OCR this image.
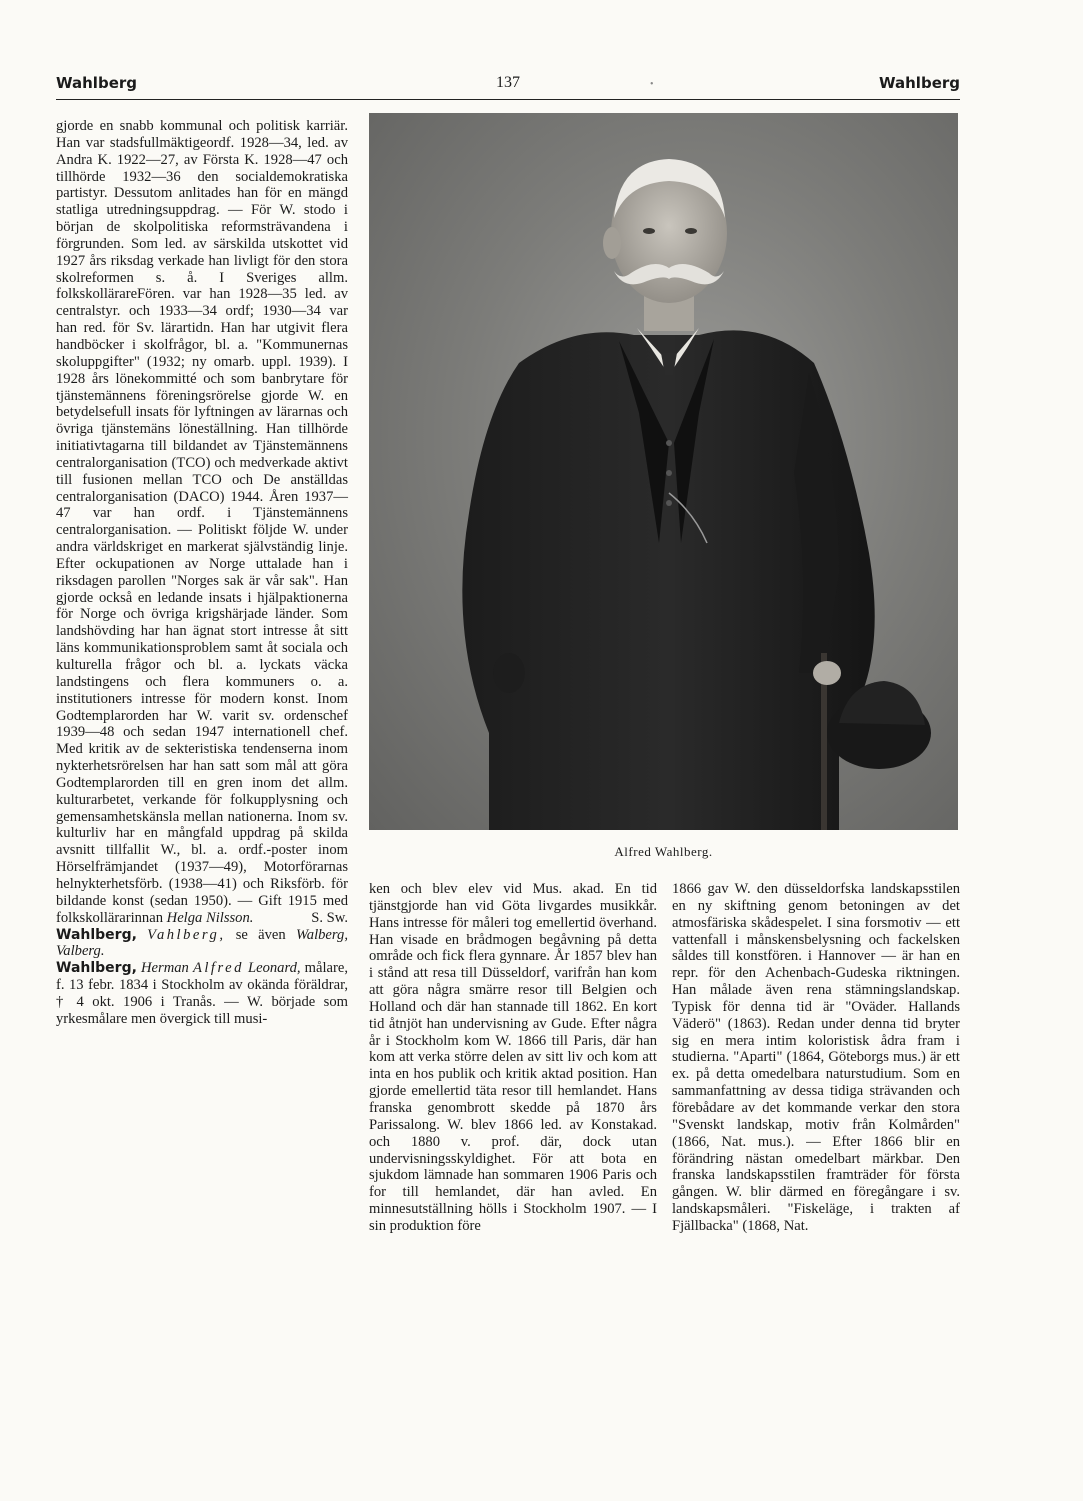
Wahlberg	137	Wahlberg
•

gjorde en snabb kommunal och politisk karriär. Han var stadsfullmäktigeordf. 1928—34, led. av Andra K. 1922—27, av Första K. 1928—47 och tillhörde 1932—36 den socialdemokratiska partistyr. Dessutom anlitades han för en mängd statliga utredningsuppdrag. — För W. stodo i början de skolpolitiska reformsträvandena i förgrunden. Som led. av särskilda utskottet vid 1927 års riksdag verkade han livligt för den stora skolreformen s. å. I Sveriges allm. folkskollärareFören. var han 1928—35 led. av centralstyr. och 1933—34 ordf; 1930—34 var han red. för Sv. lärartidn. Han har utgivit flera handböcker i skolfrågor, bl. a. "Kommunernas skoluppgifter" (1932; ny omarb. uppl. 1939). I 1928 års lönekommitté och som banbrytare för tjänstemännens föreningsrörelse gjorde W. en betydelsefull insats för lyftningen av lärarnas och övriga tjänstemäns löneställning. Han tillhörde initiativtagarna till bildandet av Tjänstemännens centralorganisation (TCO) och medverkade aktivt till fusionen mellan TCO och De anställdas centralorganisation (DACO) 1944. Åren 1937—47 var han ordf. i Tjänstemännens centralorganisation. — Politiskt följde W. under andra världskriget en markerat självständig linje. Efter ockupationen av Norge uttalade han i riksdagen parollen "Norges sak är vår sak". Han gjorde också en ledande insats i hjälpaktionerna för Norge och övriga krigshärjade länder. Som landshövding har han ägnat stort intresse åt sitt läns kommunikationsproblem samt åt sociala och kulturella frågor och bl. a. lyckats väcka landstingens och flera kommuners o. a. institutioners intresse för modern konst. Inom Godtemplarorden har W. varit sv. ordenschef 1939—48 och sedan 1947 internationell chef. Med kritik av de sekteristiska tendenserna inom nykterhetsrörelsen har han satt som mål att göra Godtemplarorden till en gren inom det allm. kulturarbetet, verkande för folkupplysning och gemensamhetskänsla mellan nationerna. Inom sv. kulturliv har en mångfald uppdrag på skilda avsnitt tillfallit W., bl. a. ordf.-poster inom Hörselfrämjandet (1937—49), Motorförarnas helnykterhetsförb. (1938—41) och Riksförb. för bildande konst (sedan 1950). — Gift 1915 med folkskollärarinnan Helga Nilsson.	S. Sw.

Wahlberg, Vahlberg, se även Walberg, Valberg.

Wahlberg, Herman Alfred Leonard, målare, f. 13 febr. 1834 i Stockholm av okända föräldrar, † 4 okt. 1906 i Tranås. — W. började som yrkesmålare men övergick till musi-

Alfred Wahlberg.

ken och blev elev vid Mus. akad. En tid tjänstgjorde han vid Göta livgardes musikkår. Hans intresse för måleri tog emellertid överhand. Han visade en brådmogen begåvning på detta område och fick flera gynnare. År 1857 blev han i stånd att resa till Düsseldorf, varifrån han kom att göra några smärre resor till Belgien och Holland och där han stannade till 1862. En kort tid åtnjöt han undervisning av Gude. Efter några år i Stockholm kom W. 1866 till Paris, där han kom att verka större delen av sitt liv och kom att inta en hos publik och kritik aktad position. Han gjorde emellertid täta resor till hemlandet. Hans franska genombrott skedde på 1870 års Parissalong. W. blev 1866 led. av Konstakad. och 1880 v. prof. där, dock utan undervisningsskyldighet. För att bota en sjukdom lämnade han sommaren 1906 Paris och for till hemlandet, där han avled. En minnesutställning hölls i Stockholm 1907. — I sin produktion före

1866 gav W. den düsseldorfska landskapsstilen en ny skiftning genom betoningen av det atmosfäriska skådespelet. I sina forsmotiv — ett vattenfall i månskensbelysning och fackelsken såldes till konstfören. i Hannover — är han en repr. för den Achenbach-Gudeska riktningen. Han målade även rena stämningslandskap. Typisk för denna tid är "Oväder. Hallands Väderö" (1863). Redan under denna tid bryter sig en mera intim koloristisk ådra fram i studierna. "Aparti" (1864, Göteborgs mus.) är ett ex. på detta omedelbara naturstudium. Som en sammanfattning av dessa tidiga strävanden och förebådare av det kommande verkar den stora "Svenskt landskap, motiv från Kolmården" (1866, Nat. mus.). — Efter 1866 blir en förändring nästan omedelbart märkbar. Den franska landskapsstilen framträder för första gången. W. blir därmed en föregångare i sv. landskapsmåleri. "Fiskeläge, i trakten af Fjällbacka" (1868, Nat.
